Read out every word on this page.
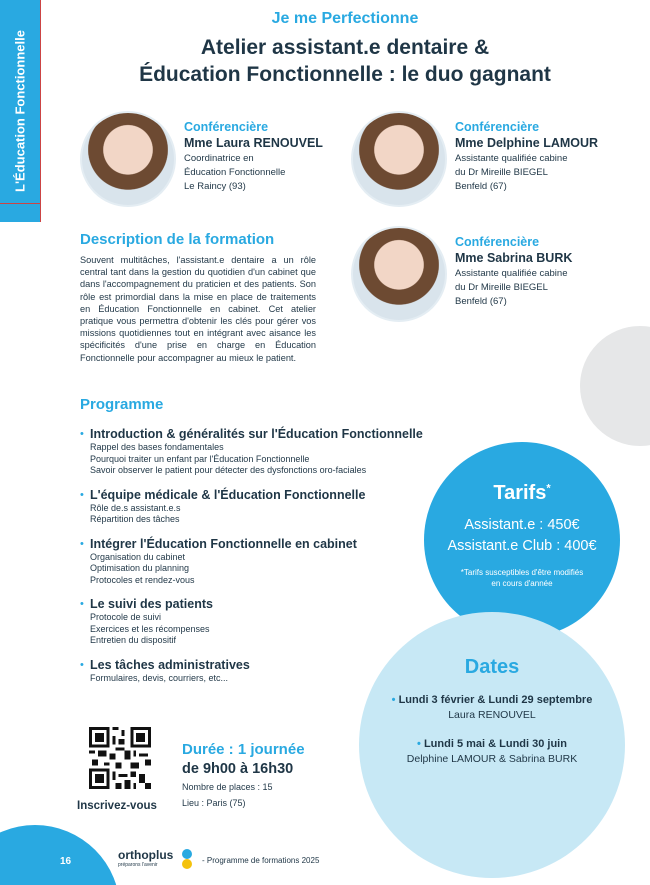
L'Éducation Fonctionnelle
Je me Perfectionne
Atelier assistant.e dentaire &
Éducation Fonctionnelle : le duo gagnant
Conférencière
Mme Laura RENOUVEL
Coordinatrice en
Éducation Fonctionnelle
Le Raincy (93)
Conférencière
Mme Delphine LAMOUR
Assistante qualifiée cabine
du Dr Mireille BIEGEL
Benfeld (67)
Conférencière
Mme Sabrina BURK
Assistante qualifiée cabine
du Dr Mireille BIEGEL
Benfeld (67)
Description de la formation
Souvent multitâches, l'assistant.e dentaire a un rôle central tant dans la gestion du quotidien d'un cabinet que dans l'accompagnement du praticien et des patients. Son rôle est primordial dans la mise en place de traitements en Éducation Fonctionnelle en cabinet. Cet atelier pratique vous permettra d'obtenir les clés pour gérer vos missions quotidiennes tout en intégrant avec aisance les spécificités d'une prise en charge en Éducation Fonctionnelle pour accompagner au mieux le patient.
Programme
• Introduction & généralités sur l'Éducation Fonctionnelle
Rappel des bases fondamentales
Pourquoi traiter un enfant par l'Éducation Fonctionnelle
Savoir observer le patient pour détecter des dysfonctions oro-faciales
• L'équipe médicale & l'Éducation Fonctionnelle
Rôle de.s assistant.e.s
Répartition des tâches
• Intégrer l'Éducation Fonctionnelle en cabinet
Organisation du cabinet
Optimisation du planning
Protocoles et rendez-vous
• Le suivi des patients
Protocole de suivi
Exercices et les récompenses
Entretien du dispositif
• Les tâches administratives
Formulaires, devis, courriers, etc...
Tarifs*
Assistant.e : 450€
Assistant.e Club : 400€
*Tarifs susceptibles d'être modifiés
en cours d'année
Dates
• Lundi 3 février & Lundi 29 septembre
Laura RENOUVEL
• Lundi 5 mai & Lundi 30 juin
Delphine LAMOUR & Sabrina BURK
Inscrivez-vous
Durée : 1 journée
de 9h00 à 16h30
Nombre de places : 15
Lieu : Paris (75)
16	orthoplus
préparons l'avenir	- Programme de formations 2025
